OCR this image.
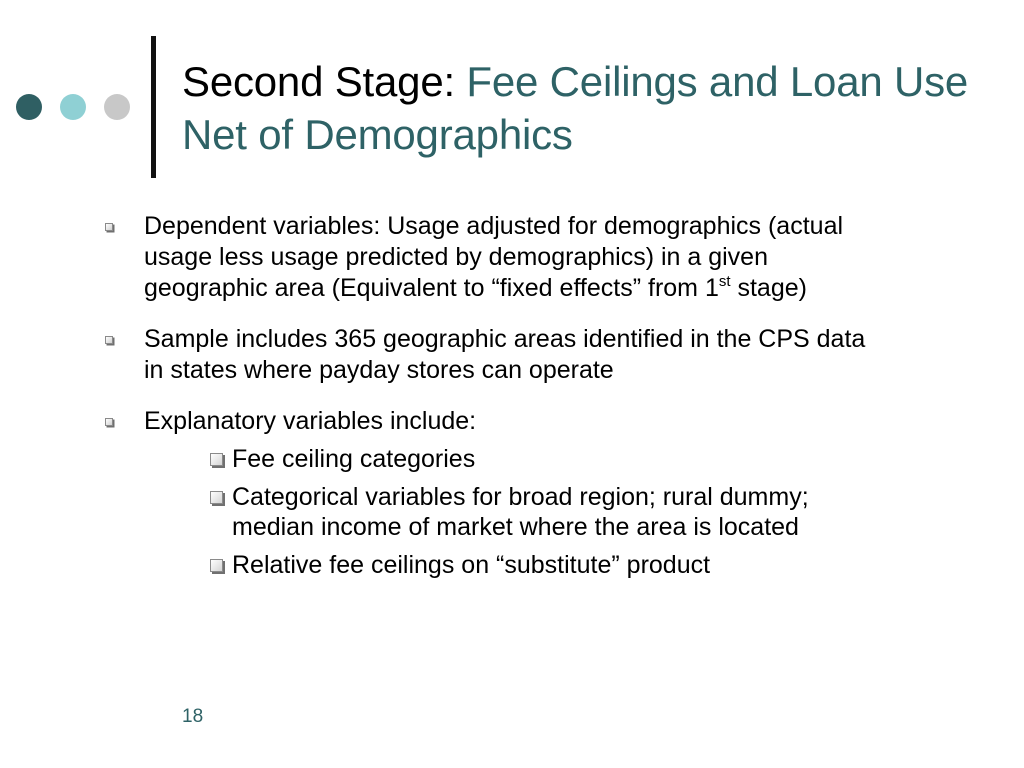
Second Stage: Fee Ceilings and Loan Use Net of Demographics
Dependent variables: Usage adjusted for demographics (actual usage less usage predicted by demographics) in a given geographic area (Equivalent to “fixed effects” from 1st stage)
Sample includes 365 geographic areas identified in the CPS data in states where payday stores can operate
Explanatory variables include:
Fee ceiling categories
Categorical variables for broad region; rural dummy; median income of market where the area is located
Relative fee ceilings on “substitute” product
18
